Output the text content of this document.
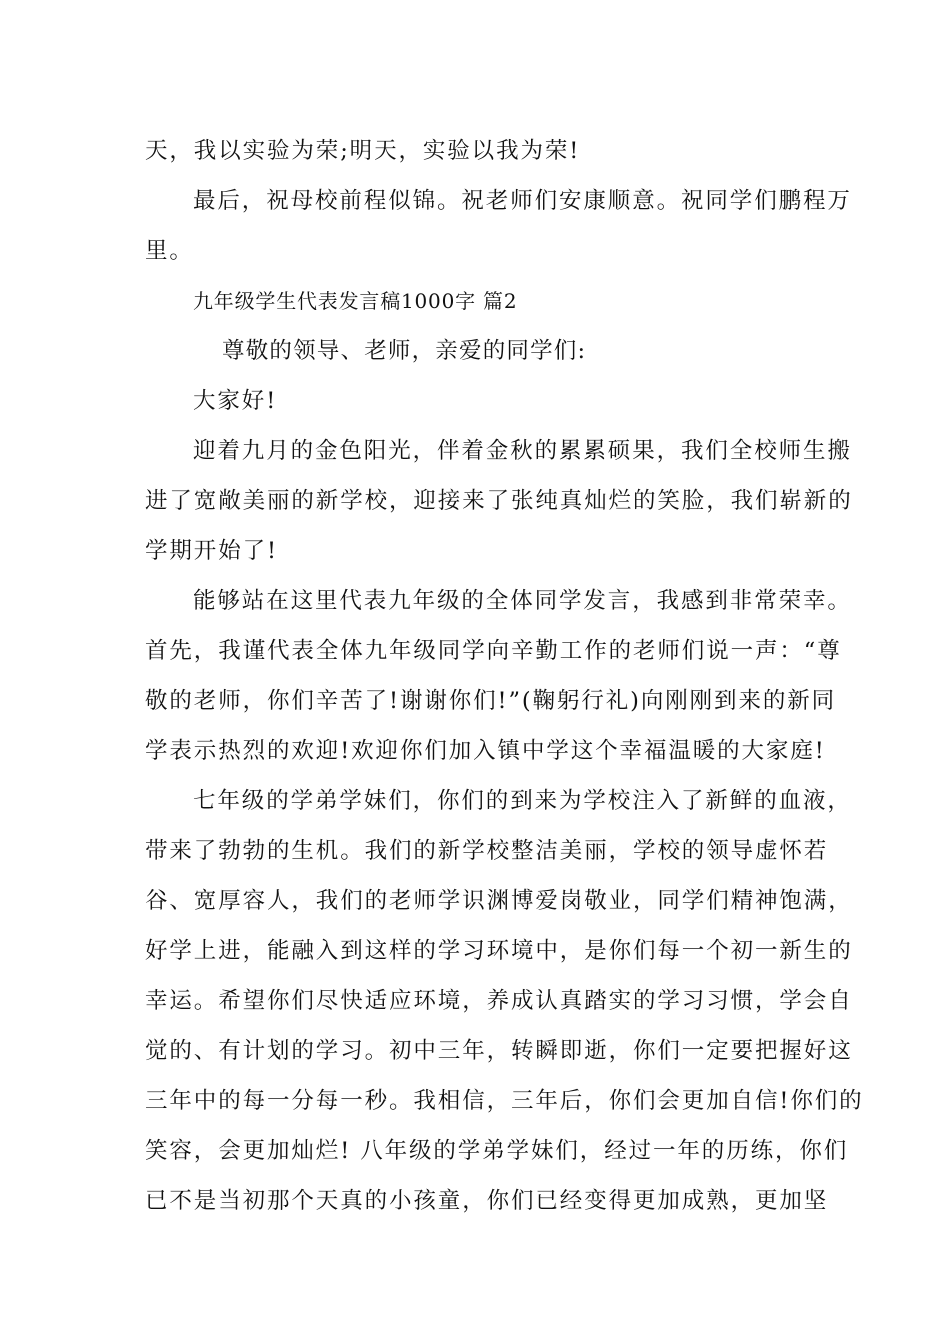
天，我以实验为荣;明天，实验以我为荣!
最后，祝母校前程似锦。祝老师们安康顺意。祝同学们鹏程万
里。
九年级学生代表发言稿1000字 篇2
尊敬的领导、老师，亲爱的同学们:
大家好!
迎着九月的金色阳光，伴着金秋的累累硕果，我们全校师生搬
进了宽敞美丽的新学校，迎接来了张纯真灿烂的笑脸，我们崭新的
学期开始了!
能够站在这里代表九年级的全体同学发言，我感到非常荣幸。
首先，我谨代表全体九年级同学向辛勤工作的老师们说一声：“尊
敬的老师，你们辛苦了!谢谢你们!”(鞠躬行礼)向刚刚到来的新同
学表示热烈的欢迎!欢迎你们加入镇中学这个幸福温暖的大家庭!
七年级的学弟学妹们，你们的到来为学校注入了新鲜的血液，
带来了勃勃的生机。我们的新学校整洁美丽，学校的领导虚怀若
谷、宽厚容人，我们的老师学识渊博爱岗敬业，同学们精神饱满，
好学上进，能融入到这样的学习环境中，是你们每一个初一新生的
幸运。希望你们尽快适应环境，养成认真踏实的学习习惯，学会自
觉的、有计划的学习。初中三年，转瞬即逝，你们一定要把握好这
三年中的每一分每一秒。我相信，三年后，你们会更加自信!你们的
笑容，会更加灿烂! 八年级的学弟学妹们，经过一年的历练，你们
已不是当初那个天真的小孩童，你们已经变得更加成熟，更加坚
